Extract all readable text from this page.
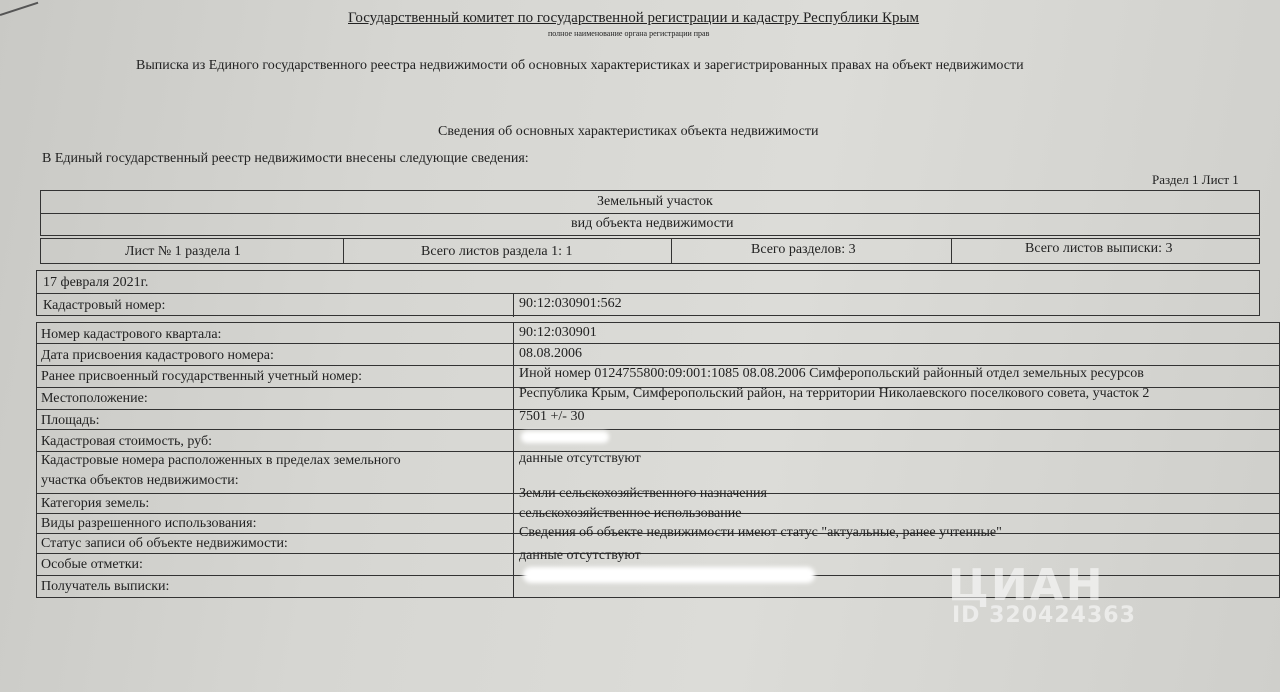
Государственный комитет по государственной регистрации и кадастру Республики Крым
полное наименование органа регистрации прав
Выписка из Единого государственного реестра недвижимости об основных характеристиках и зарегистрированных правах на объект недвижимости
Сведения об основных характеристиках объекта недвижимости
В Единый государственный реестр недвижимости внесены следующие сведения:
Раздел 1 Лист 1
Земельный участок
вид объекта недвижимости
Лист № 1 раздела 1	Всего листов раздела 1: 1	Всего разделов: 3	Всего листов выписки: 3
17 февраля 2021г.
Кадастровый номер:	90:12:030901:562
Номер кадастрового квартала:	90:12:030901
Дата присвоения кадастрового номера:	08.08.2006
Ранее присвоенный государственный учетный номер:	Иной номер 0124755800:09:001:1085 08.08.2006 Симферопольский районный отдел земельных ресурсов
Местоположение:	Республика Крым, Симферопольский район, на территории Николаевского поселкового совета, участок 2
Площадь:	7501 +/- 30
Кадастровая стоимость, руб:
Кадастровые номера расположенных в пределах земельного
участка объектов недвижимости:
данные отсутствуют
Категория земель:
Земли сельскохозяйственного назначения
Виды разрешенного использования:
сельскохозяйственное использование
Статус записи об объекте недвижимости:
Сведения об объекте недвижимости имеют статус "актуальные, ранее учтенные"
Особые отметки:
данные отсутствуют
Получатель выписки:	ЦИАН
ID 320424363
